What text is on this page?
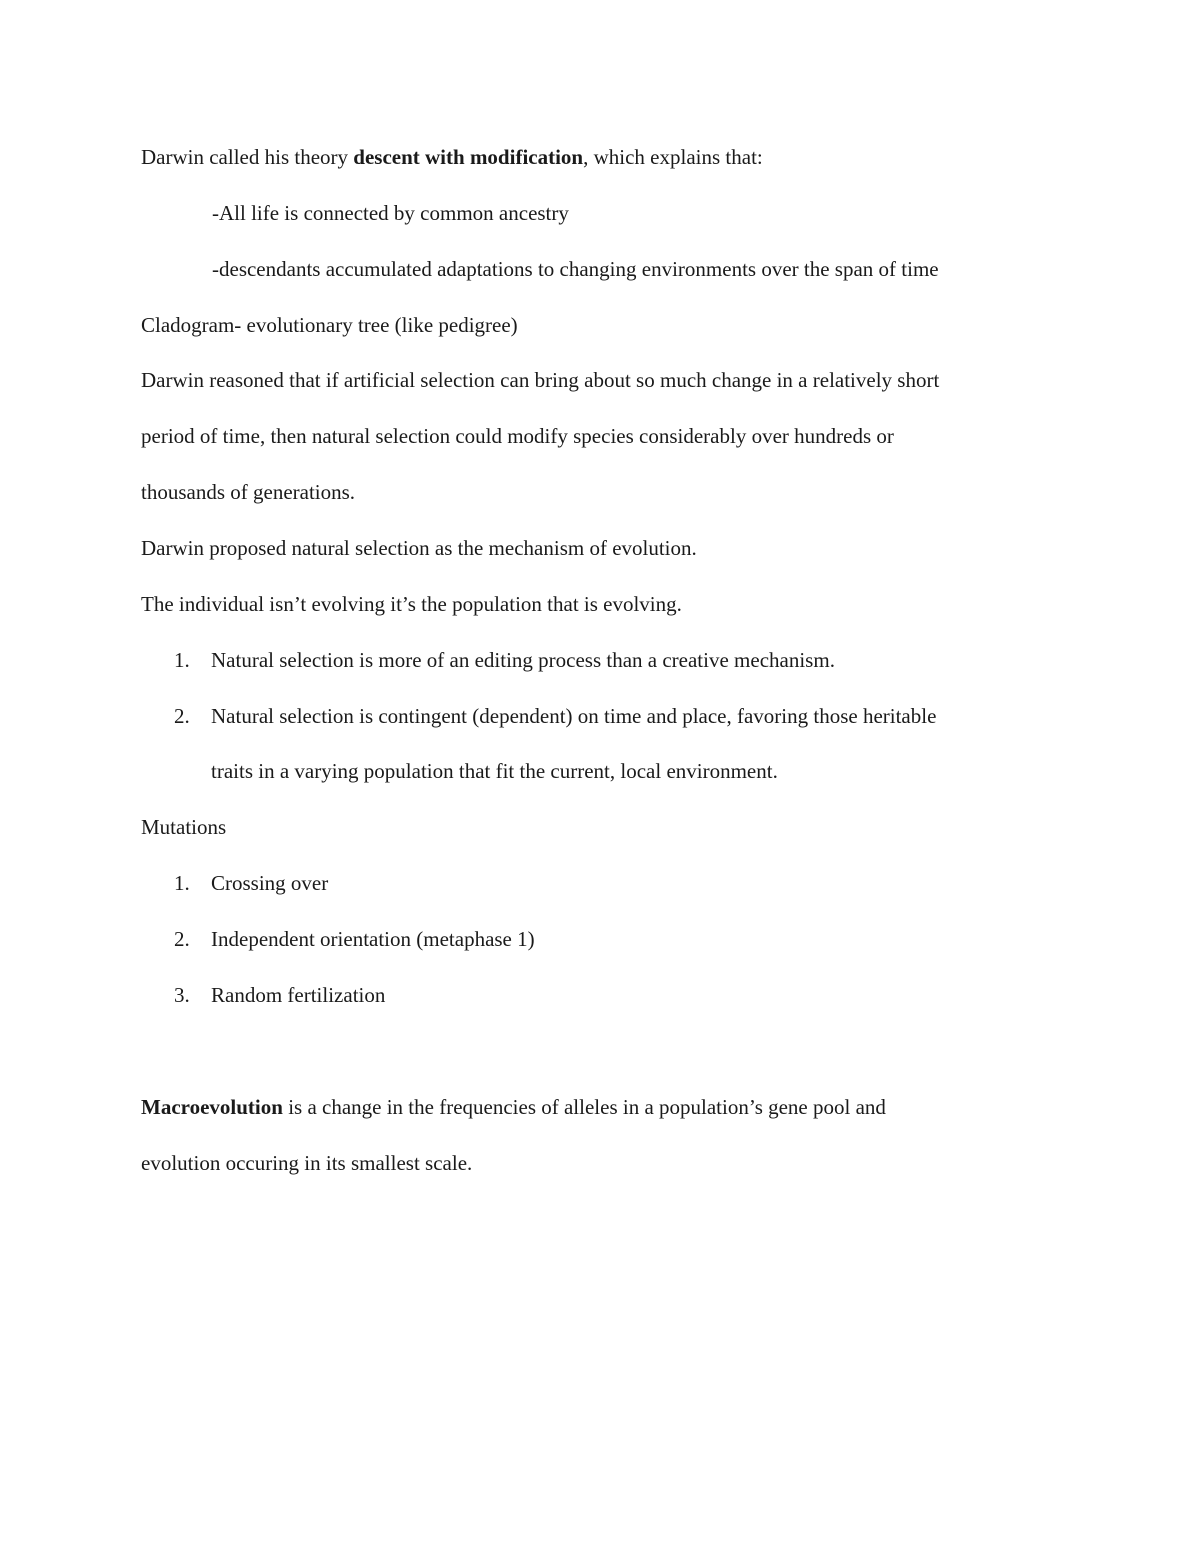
Darwin called his theory descent with modification, which explains that:
-All life is connected by common ancestry
-descendants accumulated adaptations to changing environments over the span of time
Cladogram- evolutionary tree (like pedigree)
Darwin reasoned that if artificial selection can bring about so much change in a relatively short
period of time, then natural selection could modify species considerably over hundreds or
thousands of generations.
Darwin proposed natural selection as the mechanism of evolution.
The individual isn’t evolving it’s the population that is evolving.
1. Natural selection is more of an editing process than a creative mechanism.
2. Natural selection is contingent (dependent) on time and place, favoring those heritable
traits in a varying population that fit the current, local environment.
Mutations
1. Crossing over
2. Independent orientation (metaphase 1)
3. Random fertilization
Macroevolution is a change in the frequencies of alleles in a population’s gene pool and
evolution occuring in its smallest scale.
